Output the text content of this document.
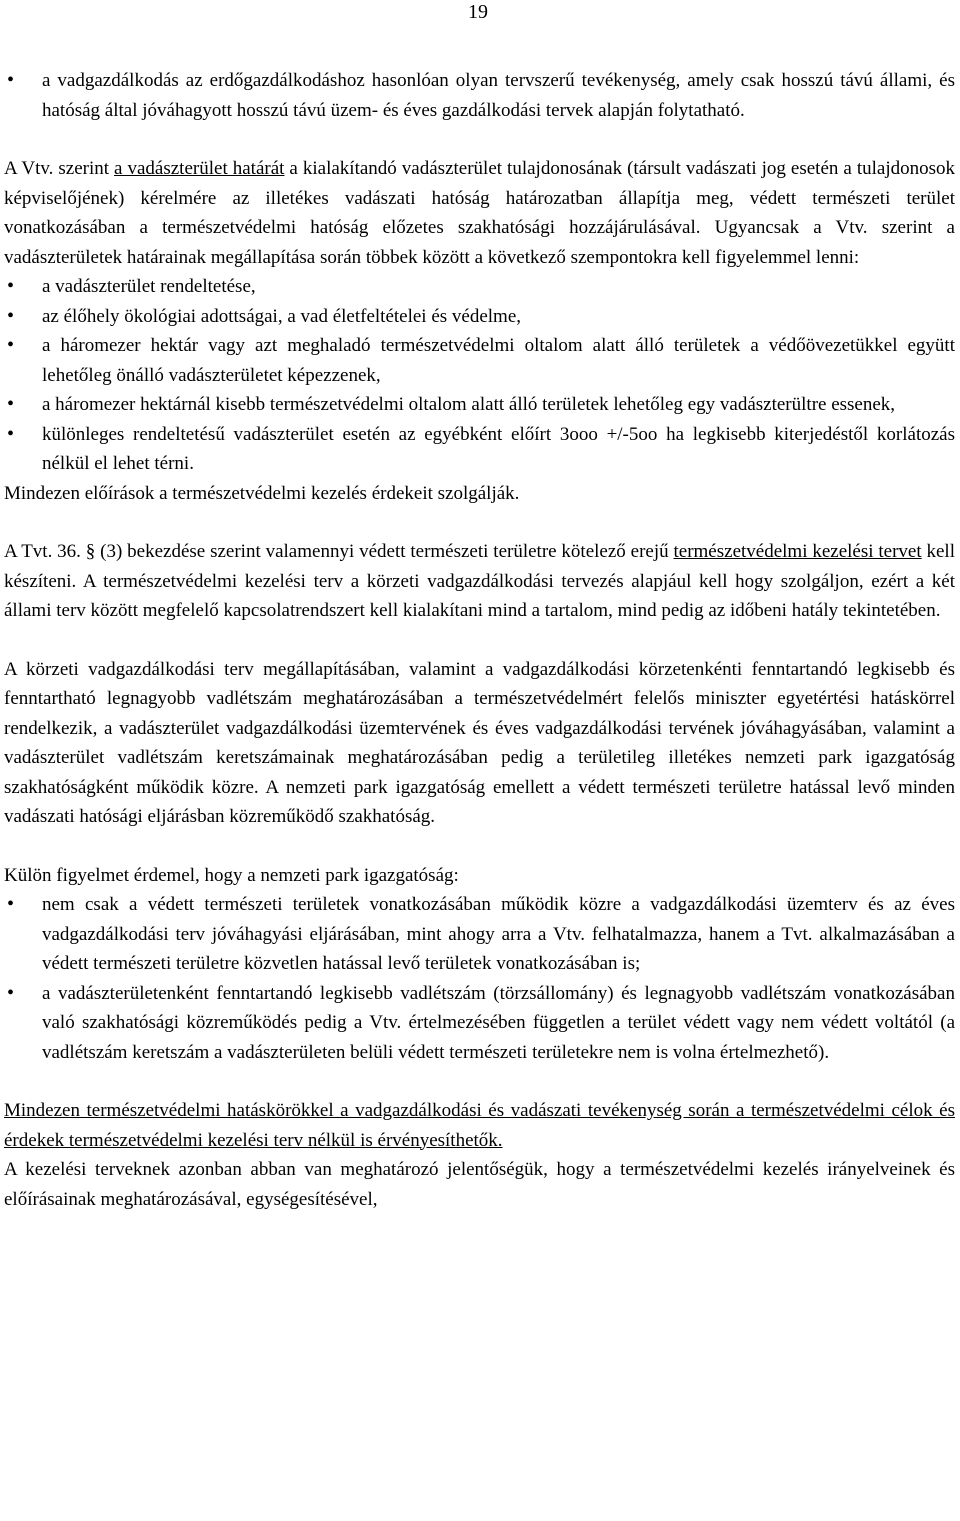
19
• a vadgazdálkodás az erdőgazdálkodáshoz hasonlóan olyan tervszerű tevékenység, amely csak hosszú távú állami, és hatóság által jóváhagyott hosszú távú üzem- és éves gazdálkodási tervek alapján folytatható.

A Vtv. szerint a vadászterület határát a kialakítandó vadászterület tulajdonosának (társult vadászati jog esetén a tulajdonosok képviselőjének) kérelmére az illetékes vadászati hatóság határozatban állapítja meg, védett természeti terület vonatkozásában a természetvédelmi hatóság előzetes szakhatósági hozzájárulásával. Ugyancsak a Vtv. szerint a vadászterületek határainak megállapítása során többek között a következő szempontokra kell figyelemmel lenni:

• a vadászterület rendeltetése,
• az élőhely ökológiai adottságai, a vad életfeltételei és védelme,
• a háromezer hektár vagy azt meghaladó természetvédelmi oltalom alatt álló területek a védőövezetükkel együtt lehetőleg önálló vadászterületet képezzenek,
• a háromezer hektárnál kisebb természetvédelmi oltalom alatt álló területek lehetőleg egy vadászterültre essenek,
• különleges rendeltetésű vadászterület esetén az egyébként előírt 3ooo +/-5oo ha legkisebb kiterjedéstől korlátozás nélkül el lehet térni.

Mindezen előírások a természetvédelmi kezelés érdekeit szolgálják.

A Tvt. 36. § (3) bekezdése szerint valamennyi védett természeti területre kötelező erejű természetvédelmi kezelési tervet kell készíteni. A természetvédelmi kezelési terv a körzeti vadgazdálkodási tervezés alapjául kell hogy szolgáljon, ezért a két állami terv között megfelelő kapcsolatrendszert kell kialakítani mind a tartalom, mind pedig az időbeni hatály tekintetében.

A körzeti vadgazdálkodási terv megállapításában, valamint a vadgazdálkodási körzetenkénti fenntartandó legkisebb és fenntartható legnagyobb vadlétszám meghatározásában a természetvédelmért felelős miniszter egyetértési hatáskörrel rendelkezik, a vadászterület vadgazdálkodási üzemtervének és éves vadgazdálkodási tervének jóváhagyásában, valamint a vadászterület vadlétszám keretszámainak meghatározásában pedig a területileg illetékes nemzeti park igazgatóság szakhatóságként működik közre. A nemzeti park igazgatóság emellett a védett természeti területre hatással levő minden vadászati hatósági eljárásban közreműködő szakhatóság.

Külön figyelmet érdemel, hogy a nemzeti park igazgatóság:

• nem csak a védett természeti területek vonatkozásában működik közre a vadgazdálkodási üzemterv és az éves vadgazdálkodási terv jóváhagyási eljárásában, mint ahogy arra a Vtv. felhatalmazza, hanem a Tvt. alkalmazásában a védett természeti területre közvetlen hatással levő területek vonatkozásában is;
• a vadászterületenként fenntartandó legkisebb vadlétszám (törzsállomány) és legnagyobb vadlétszám vonatkozásában való szakhatósági közreműködés pedig a Vtv. értelmezésében független a terület védett vagy nem védett voltától (a vadlétszám keretszám a vadászterületen belüli védett természeti területekre nem is volna értelmezhető).

Mindezen természetvédelmi hatáskörökkel a vadgazdálkodási és vadászati tevékenység során a természetvédelmi célok és érdekek természetvédelmi kezelési terv nélkül is érvényesíthetők.

A kezelési terveknek azonban abban van meghatározó jelentőségük, hogy a természetvédelmi kezelés irányelveinek és előírásainak meghatározásával, egységesítésével,
